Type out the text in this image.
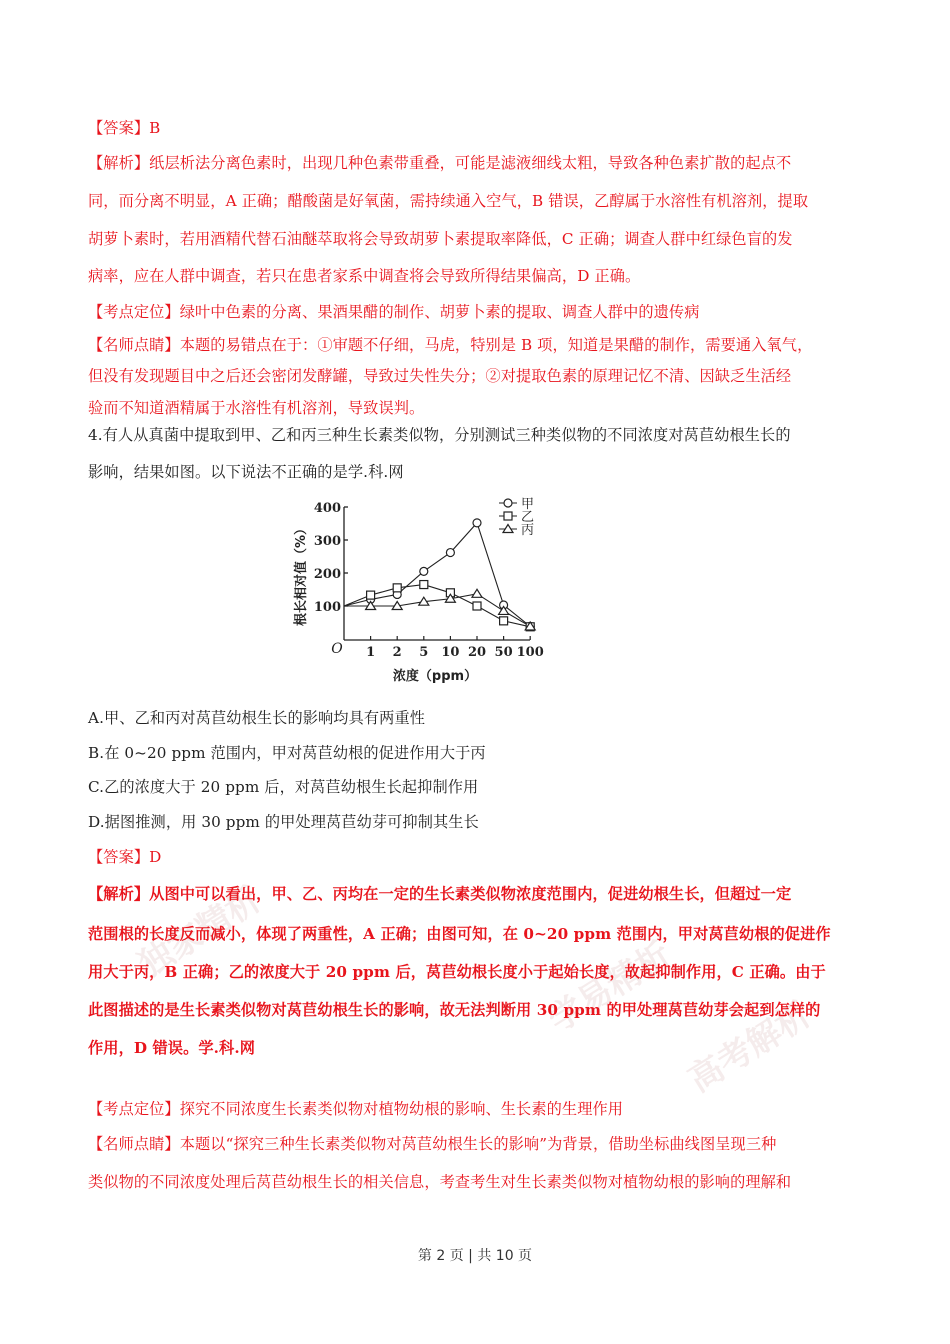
独家精析
学易精析
高考解析
【答案】B
【解析】纸层析法分离色素时，出现几种色素带重叠，可能是滤液细线太粗，导致各种色素扩散的起点不
同，而分离不明显，A 正确；醋酸菌是好氧菌，需持续通入空气，B 错误，乙醇属于水溶性有机溶剂，提取
胡萝卜素时，若用酒精代替石油醚萃取将会导致胡萝卜素提取率降低，C 正确；调查人群中红绿色盲的发
病率，应在人群中调查，若只在患者家系中调查将会导致所得结果偏高，D 正确。
【考点定位】绿叶中色素的分离、果酒果醋的制作、胡萝卜素的提取、调查人群中的遗传病
【名师点睛】本题的易错点在于：①审题不仔细，马虎，特别是 B 项，知道是果醋的制作，需要通入氧气，
但没有发现题目中之后还会密闭发酵罐，导致过失性失分；②对提取色素的原理记忆不清、因缺乏生活经
验而不知道酒精属于水溶性有机溶剂，导致误判。
4.有人从真菌中提取到甲、乙和丙三种生长素类似物，分别测试三种类似物的不同浓度对莴苣幼根生长的
影响，结果如图。以下说法不正确的是学.科.网
100
200
300
400
1 2 5 10 20 50 100
O
根长相对值（%）
浓度（ppm）
甲
乙
丙
A.甲、乙和丙对莴苣幼根生长的影响均具有两重性
B.在 0~20 ppm 范围内，甲对莴苣幼根的促进作用大于丙
C.乙的浓度大于 20 ppm 后，对莴苣幼根生长起抑制作用
D.据图推测，用 30 ppm 的甲处理莴苣幼芽可抑制其生长
【答案】D
【解析】从图中可以看出，甲、乙、丙均在一定的生长素类似物浓度范围内，促进幼根生长，但超过一定
范围根的长度反而减小，体现了两重性，A 正确；由图可知，在 0~20 ppm 范围内，甲对莴苣幼根的促进作
用大于丙，B 正确；乙的浓度大于 20 ppm 后，莴苣幼根长度小于起始长度，故起抑制作用，C 正确。由于
此图描述的是生长素类似物对莴苣幼根生长的影响，故无法判断用 30 ppm 的甲处理莴苣幼芽会起到怎样的
作用，D 错误。学.科.网
【考点定位】探究不同浓度生长素类似物对植物幼根的影响、生长素的生理作用
【名师点睛】本题以“探究三种生长素类似物对莴苣幼根生长的影响”为背景，借助坐标曲线图呈现三种
类似物的不同浓度处理后莴苣幼根生长的相关信息，考查考生对生长素类似物对植物幼根的影响的理解和
第 2 页 | 共 10 页
